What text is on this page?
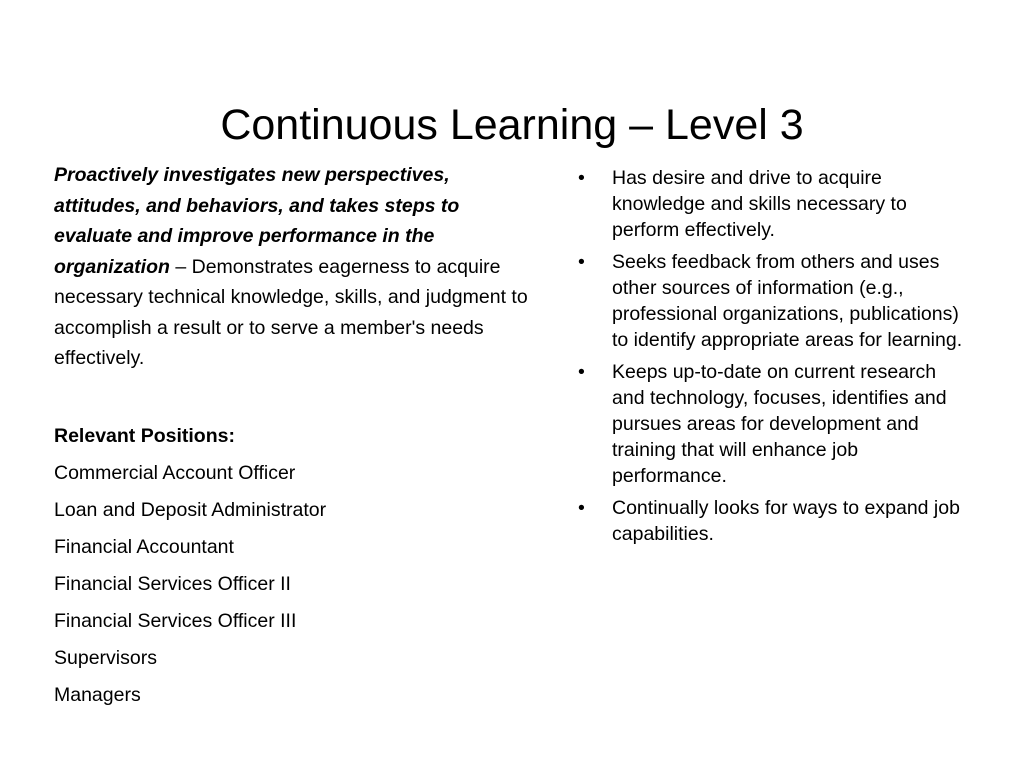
Continuous Learning – Level 3

Proactively investigates new perspectives, attitudes, and behaviors, and takes steps to evaluate and improve performance in the organization – Demonstrates eagerness to acquire necessary technical knowledge, skills, and judgment to accomplish a result or to serve a member's needs effectively.

Relevant Positions:

Commercial Account Officer
Loan and Deposit Administrator
Financial Accountant
Financial Services Officer II
Financial Services Officer III
Supervisors
Managers
•	Has desire and drive to acquire knowledge and skills necessary to perform effectively.
•	Seeks feedback from others and uses other sources of information (e.g., professional organizations, publications) to identify appropriate areas for learning.
•	Keeps up-to-date on current research and technology, focuses, identifies and pursues areas for development and training that will enhance job performance.
•	Continually looks for ways to expand job capabilities.
